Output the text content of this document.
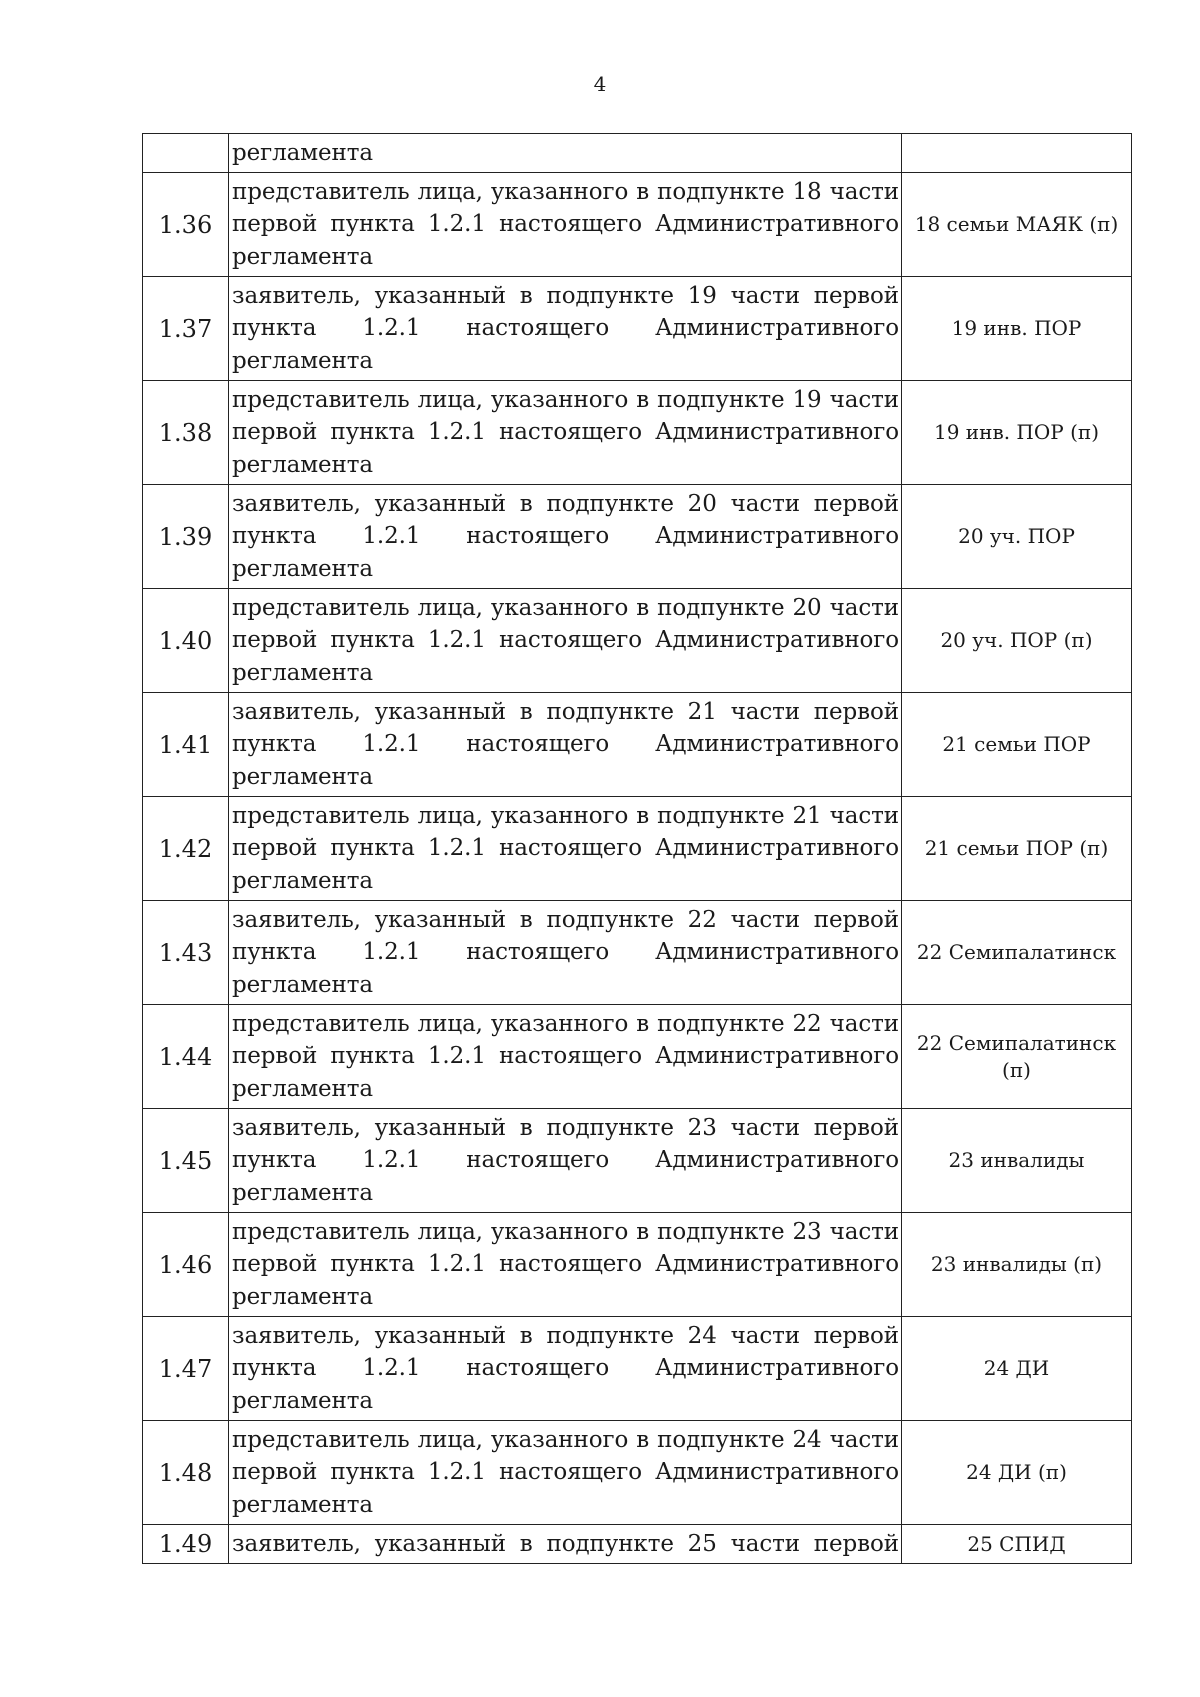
4
	регламента	
1.36	представитель лица, указанного в подпункте 18 части первой пункта 1.2.1 настоящего Административного регламента	18 семьи МАЯК (п)
1.37	заявитель, указанный в подпункте 19 части первой пункта 1.2.1 настоящего Административного регламента	19 инв. ПОР
1.38	представитель лица, указанного в подпункте 19 части первой пункта 1.2.1 настоящего Административного регламента	19 инв. ПОР (п)
1.39	заявитель, указанный в подпункте 20 части первой пункта 1.2.1 настоящего Административного регламента	20 уч. ПОР
1.40	представитель лица, указанного в подпункте 20 части первой пункта 1.2.1 настоящего Административного регламента	20 уч. ПОР (п)
1.41	заявитель, указанный в подпункте 21 части первой пункта 1.2.1 настоящего Административного регламента	21 семьи ПОР
1.42	представитель лица, указанного в подпункте 21 части первой пункта 1.2.1 настоящего Административного регламента	21 семьи ПОР (п)
1.43	заявитель, указанный в подпункте 22 части первой пункта 1.2.1 настоящего Административного регламента	22 Семипалатинск
1.44	представитель лица, указанного в подпункте 22 части первой пункта 1.2.1 настоящего Административного регламента	22 Семипалатинск (п)
1.45	заявитель, указанный в подпункте 23 части первой пункта 1.2.1 настоящего Административного регламента	23 инвалиды
1.46	представитель лица, указанного в подпункте 23 части первой пункта 1.2.1 настоящего Административного регламента	23 инвалиды (п)
1.47	заявитель, указанный в подпункте 24 части первой пункта 1.2.1 настоящего Административного регламента	24 ДИ
1.48	представитель лица, указанного в подпункте 24 части первой пункта 1.2.1 настоящего Административного регламента	24 ДИ (п)
1.49	заявитель, указанный в подпункте 25 части первой	25 СПИД
